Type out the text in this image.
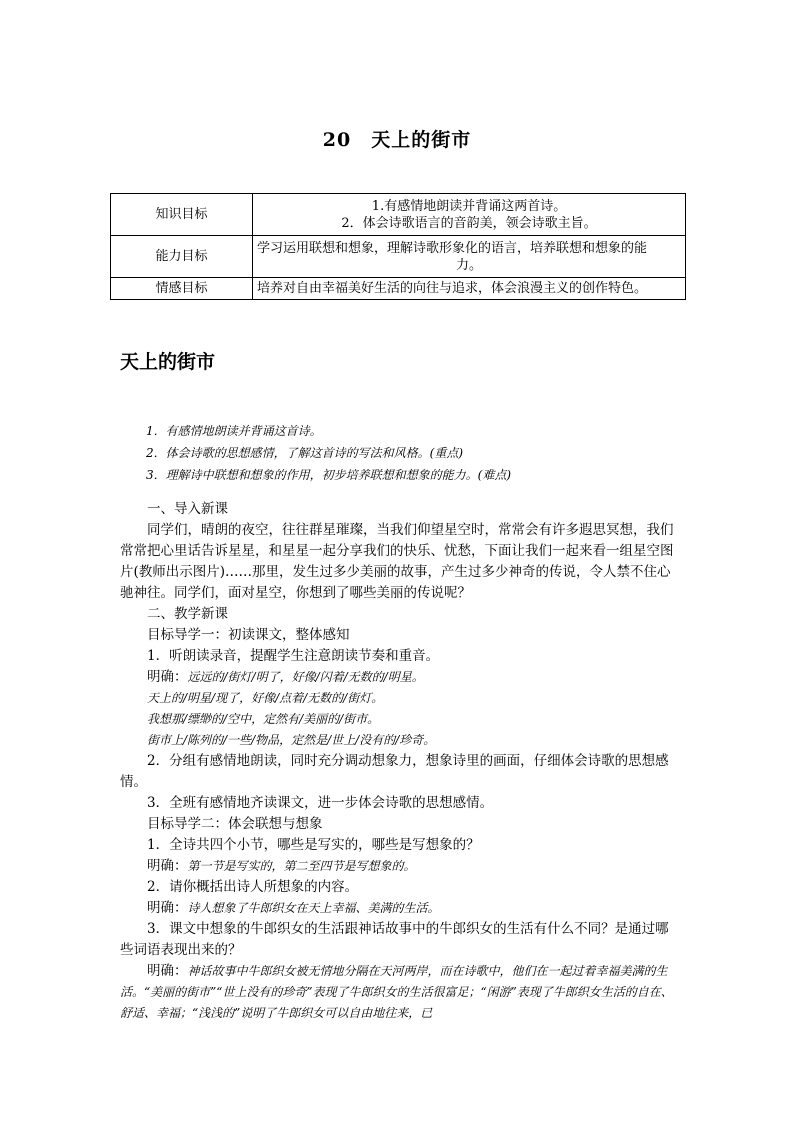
20　天上的街市
知识目标	1.有感情地朗读并背诵这两首诗。
2．体会诗歌语言的音韵美，领会诗歌主旨。

能力目标	学习运用联想和想象，理解诗歌形象化的语言，培养联想和想象的能
力。

情感目标	培养对自由幸福美好生活的向往与追求，体会浪漫主义的创作特色。
天上的街市
1．有感情地朗读并背诵这首诗。
2．体会诗歌的思想感情，了解这首诗的写法和风格。(重点)
3．理解诗中联想和想象的作用，初步培养联想和想象的能力。(难点)

一、导入新课

同学们，晴朗的夜空，往往群星璀璨，当我们仰望星空时，常常会有许多遐思冥想，我们常常把心里话告诉星星，和星星一起分享我们的快乐、忧愁，下面让我们一起来看一组星空图片(教师出示图片)……那里，发生过多少美丽的故事，产生过多少神奇的传说，令人禁不住心驰神往。同学们，面对星空，你想到了哪些美丽的传说呢？

二、教学新课

目标导学一：初读课文，整体感知

1．听朗读录音，提醒学生注意朗读节奏和重音。

明确：远远的/街灯/明了，好像/闪着/无数的/明星。

天上的/明星/现了，好像/点着/无数的/街灯。

我想那/缥缈的/空中，定然有/美丽的/街市。

街市上/陈列的/一些/物品，定然是/世上/没有的/珍奇。

2．分组有感情地朗读，同时充分调动想象力，想象诗里的画面，仔细体会诗歌的思想感情。

3．全班有感情地齐读课文，进一步体会诗歌的思想感情。

目标导学二：体会联想与想象

1．全诗共四个小节，哪些是写实的，哪些是写想象的？

明确：第一节是写实的，第二至四节是写想象的。

2．请你概括出诗人所想象的内容。

明确：诗人想象了牛郎织女在天上幸福、美满的生活。

3．课文中想象的牛郎织女的生活跟神话故事中的牛郎织女的生活有什么不同？是通过哪些词语表现出来的？

明确：神话故事中牛郎织女被无情地分隔在天河两岸，而在诗歌中，他们在一起过着幸福美满的生活。“美丽的街市”“世上没有的珍奇”表现了牛郎织女的生活很富足；“闲游”表现了牛郎织女生活的自在、舒适、幸福；“浅浅的”说明了牛郎织女可以自由地往来，已
